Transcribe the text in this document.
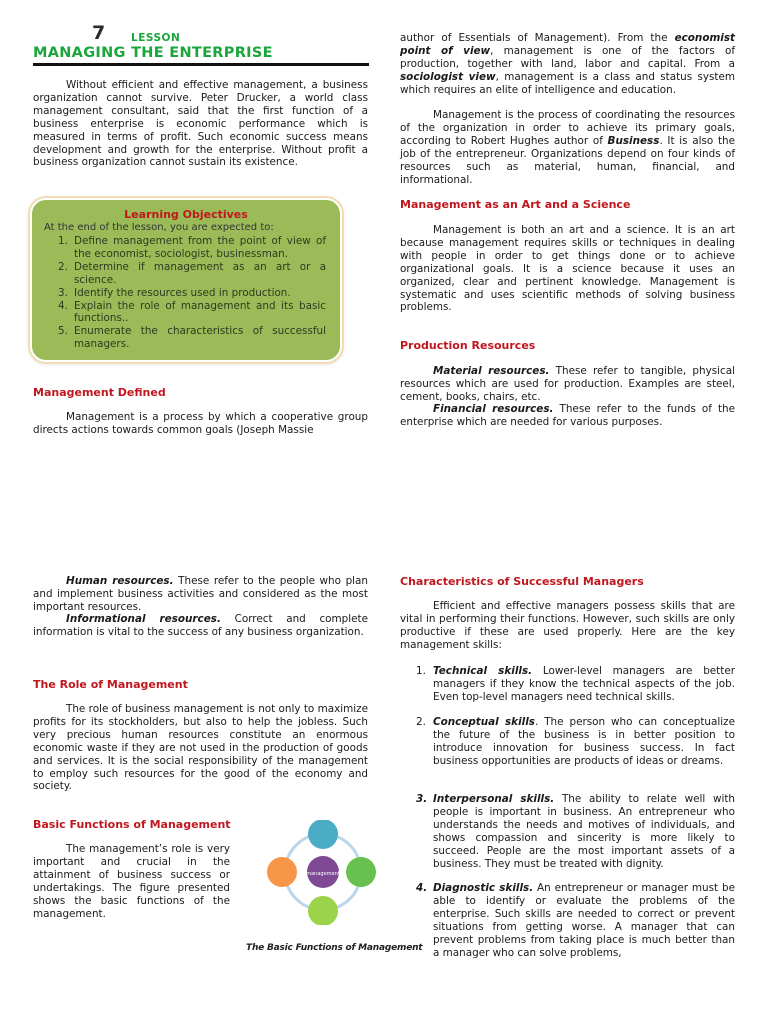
7 LESSON
MANAGING THE ENTERPRISE

Without efficient and effective management, a business organization cannot survive. Peter Drucker, a world class management consultant, said that the first function of a business enterprise is economic performance which is measured in terms of profit. Such economic success means development and growth for the enterprise. Without profit a business organization cannot sustain its existence.

Learning Objectives
At the end of the lesson, you are expected to:
1. Define management from the point of view of the economist, sociologist, businessman.
2. Determine if management as an art or a science.
3. Identify the resources used in production.
4. Explain the role of management and its basic functions..
5. Enumerate the characteristics of successful managers.
Management Defined

Management is a process by which a cooperative group directs actions towards common goals (Joseph Massie

author of Essentials of Management). From the economist point of view, management is one of the factors of production, together with land, labor and capital. From a sociologist view, management is a class and status system which requires an elite of intelligence and education.

Management is the process of coordinating the resources of the organization in order to achieve its primary goals, according to Robert Hughes author of Business. It is also the job of the entrepreneur. Organizations depend on four kinds of resources such as material, human, financial, and informational.

Management as an Art and a Science

Management is both an art and a science. It is an art because management requires skills or techniques in dealing with people in order to get things done or to achieve organizational goals. It is a science because it uses an organized, clear and pertinent knowledge. Management is systematic and uses scientific methods of solving business problems.

Production Resources

Material resources. These refer to tangible, physical resources which are used for production. Examples are steel, cement, books, chairs, etc.

Financial resources. These refer to the funds of the enterprise which are needed for various purposes.

Human resources. These refer to the people who plan and implement business activities and considered as the most important resources.

Informational resources. Correct and complete information is vital to the success of any business organization.

The Role of Management

The role of business management is not only to maximize profits for its stockholders, but also to help the jobless. Such very precious human resources constitute an enormous economic waste if they are not used in the production of goods and services. It is the social responsibility of the management to employ such resources for the good of the economy and society.

Basic Functions of Management

The management’s role is very important and crucial in the attainment of business success or undertakings. The figure presented shows the basic functions of the management.

management
The Basic Functions of Management
Characteristics of Successful Managers

Efficient and effective managers possess skills that are vital in performing their functions. However, such skills are only productive if these are used properly. Here are the key management skills:

1. Technical skills. Lower-level managers are better managers if they know the technical aspects of the job. Even top-level managers need technical skills.
2. Conceptual skills. The person who can conceptualize the future of the business is in better position to introduce innovation for business success. In fact business opportunities are products of ideas or dreams.
3. Interpersonal skills. The ability to relate well with people is important in business. An entrepreneur who understands the needs and motives of individuals, and shows compassion and sincerity is more likely to succeed. People are the most important assets of a business. They must be treated with dignity.
4. Diagnostic skills. An entrepreneur or manager must be able to identify or evaluate the problems of the enterprise. Such skills are needed to correct or prevent situations from getting worse. A manager that can prevent problems from taking place is much better than a manager who can solve problems,
